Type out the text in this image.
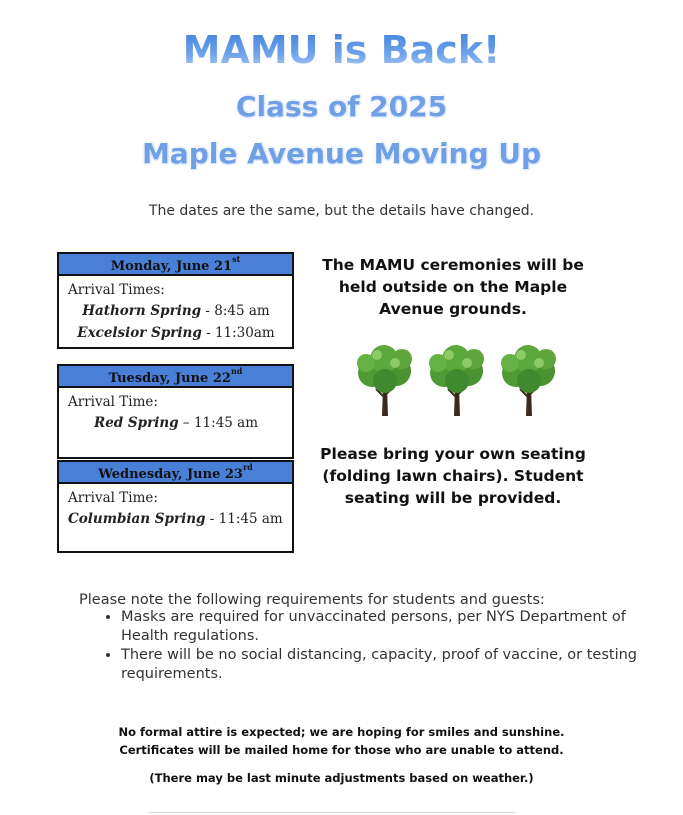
MAMU is Back!
Class of 2025
Maple Avenue Moving Up
The dates are the same, but the details have changed.
Monday, June 21st
Arrival Times:
Hathorn Spring - 8:45 am
Excelsior Spring - 11:30am
Tuesday, June 22nd
Arrival Time:
Red Spring – 11:45 am
Wednesday, June 23rd
Arrival Time:
Columbian Spring - 11:45 am
The MAMU ceremonies will be held outside on the Maple Avenue grounds.
Please bring your own seating (folding lawn chairs). Student seating will be provided.
Please note the following requirements for students and guests:
• Masks are required for unvaccinated persons, per NYS Department of Health regulations.
• There will be no social distancing, capacity, proof of vaccine, or testing requirements.
No formal attire is expected; we are hoping for smiles and sunshine.
Certificates will be mailed home for those who are unable to attend.
(There may be last minute adjustments based on weather.)
